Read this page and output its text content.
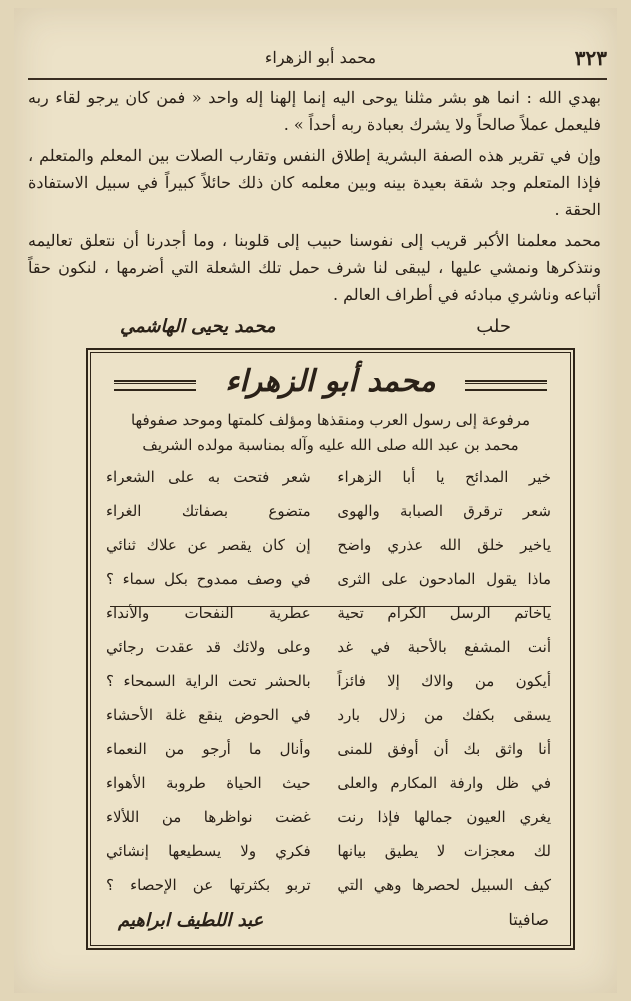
٣٢٣
محمد أبو الزهراء

بهدي الله : انما هو بشر مثلنا يوحى اليه إنما إلهنا إله واحد « فمن كان يرجو لقاء ربه فليعمل عملاً صالحاً ولا يشرك بعبادة ربه أحداً » .

وإن في تقرير هذه الصفة البشرية إطلاق النفس وتقارب الصلات بين المعلم والمتعلم ، فإذا المتعلم وجد شقة بعيدة بينه وبين معلمه كان ذلك حائلاً كبيراً في سبيل الاستفادة الحقة .

محمد معلمنا الأكبر قريب إلى نفوسنا حبيب إلى قلوبنا ، وما أجدرنا أن نتعلق تعاليمه ونتذكرها ونمشي عليها ، ليبقى لنا شرف حمل تلك الشعلة التي أضرمها ، لنكون حقاً أتباعه وناشري مبادئه في أطراف العالم .

حلب
محمد يحيى الهاشمي
محمد أبو الزهراء
مرفوعة إلى رسول العرب ومنقذها ومؤلف كلمتها وموحد صفوفها
محمد بن عبد الله صلى الله عليه وآله بمناسبة مولده الشريف
خير المدائح يا أبا الزهراء
شعر فتحت به على الشعراء
شعر ترقرق الصبابة والهوى
متضوع بصفاتك الغراء
ياخير خلق الله عذري واضح
إن كان يقصر عن علاك ثنائي
ماذا يقول المادحون على الثرى
في وصف ممدوح بكل سماء ؟
ياخاتم الرسل الكرام تحية
عطرية النفحات والأنداء
أنت المشفع بالأحبة في غد
وعلى ولائك قد عقدت رجائي
أيكون من والاك إلا فائزاً
بالحشر تحت الراية السمحاء ؟
يسقى بكفك من زلال بارد
في الحوض ينقع غلة الأحشاء
أنا واثق بك أن أوفق للمنى
وأنال ما أرجو من النعماء
في ظل وارفة المكارم والعلى
حيث الحياة طروبة الأهواء
يغري العيون جمالها فإذا رنت
غضت نواظرها من اللألاء
لك معجزات لا يطيق بيانها
فكري ولا يسطيعها إنشائي
كيف السبيل لحصرها وهي التي
تربو بكثرتها عن الإحصاء ؟
صافيتا
عبد اللطيف ابراهيم
